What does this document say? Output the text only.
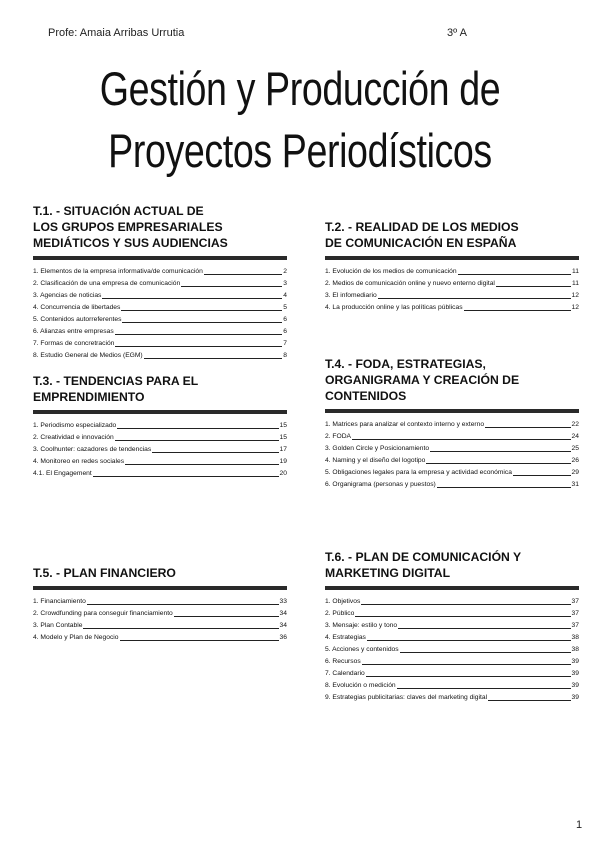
Profe: Amaia Arribas Urrutia	3º A
Gestión y Producción de
Proyectos Periodísticos
T.1. - SITUACIÓN ACTUAL DE
LOS GRUPOS EMPRESARIALES
MEDIÁTICOS Y SUS AUDIENCIAS
1. Elementos de la empresa informativa/de comunicación	2
2. Clasificación de una empresa de comunicación	3
3. Agencias de noticias	4
4. Concurrencia de libertades	5
5. Contenidos autorreferentes	6
6. Alianzas entre empresas	6
7. Formas de concretración	7
8. Estudio General de Medios (EGM)	8
T.2. - REALIDAD DE LOS MEDIOS
DE COMUNICACIÓN EN ESPAÑA
1. Evolución de los medios de comunicación	11
2. Medios de comunicación online y nuevo enterno digital	11
3. El infomediario	12
4. La producción online y las políticas públicas	12
T.3. - TENDENCIAS PARA EL
EMPRENDIMIENTO
1. Periodismo especializado	15
2. Creatividad e innovación	15
3. Coolhunter: cazadores de tendencias	17
4. Monitoreo en redes sociales	19
4.1. El Engagement	20
T.4. - FODA, ESTRATEGIAS,
ORGANIGRAMA Y CREACIÓN DE
CONTENIDOS
1. Matrices para analizar el contexto interno y externo	22
2. FODA	24
3. Golden Circle y Posicionamiento	25
4. Naming y el diseño del logotipo	26
5. Obligaciones legales para la empresa y actividad económica	29
6. Organigrama (personas y puestos)	31
T.5. - PLAN FINANCIERO
1. Financiamiento	33
2. Crowdfunding para conseguir financiamiento	34
3. Plan Contable	34
4. Modelo y Plan de Negocio	36
T.6. - PLAN DE COMUNICACIÓN Y
MARKETING DIGITAL
1. Objetivos	37
2. Público	37
3. Mensaje: estilo y tono	37
4. Estrategias	38
5. Acciones y contenidos	38
6. Recursos	39
7. Calendario	39
8. Evolución o medición	39
9. Estrategias publicitarias: claves del marketing digital	39
1
